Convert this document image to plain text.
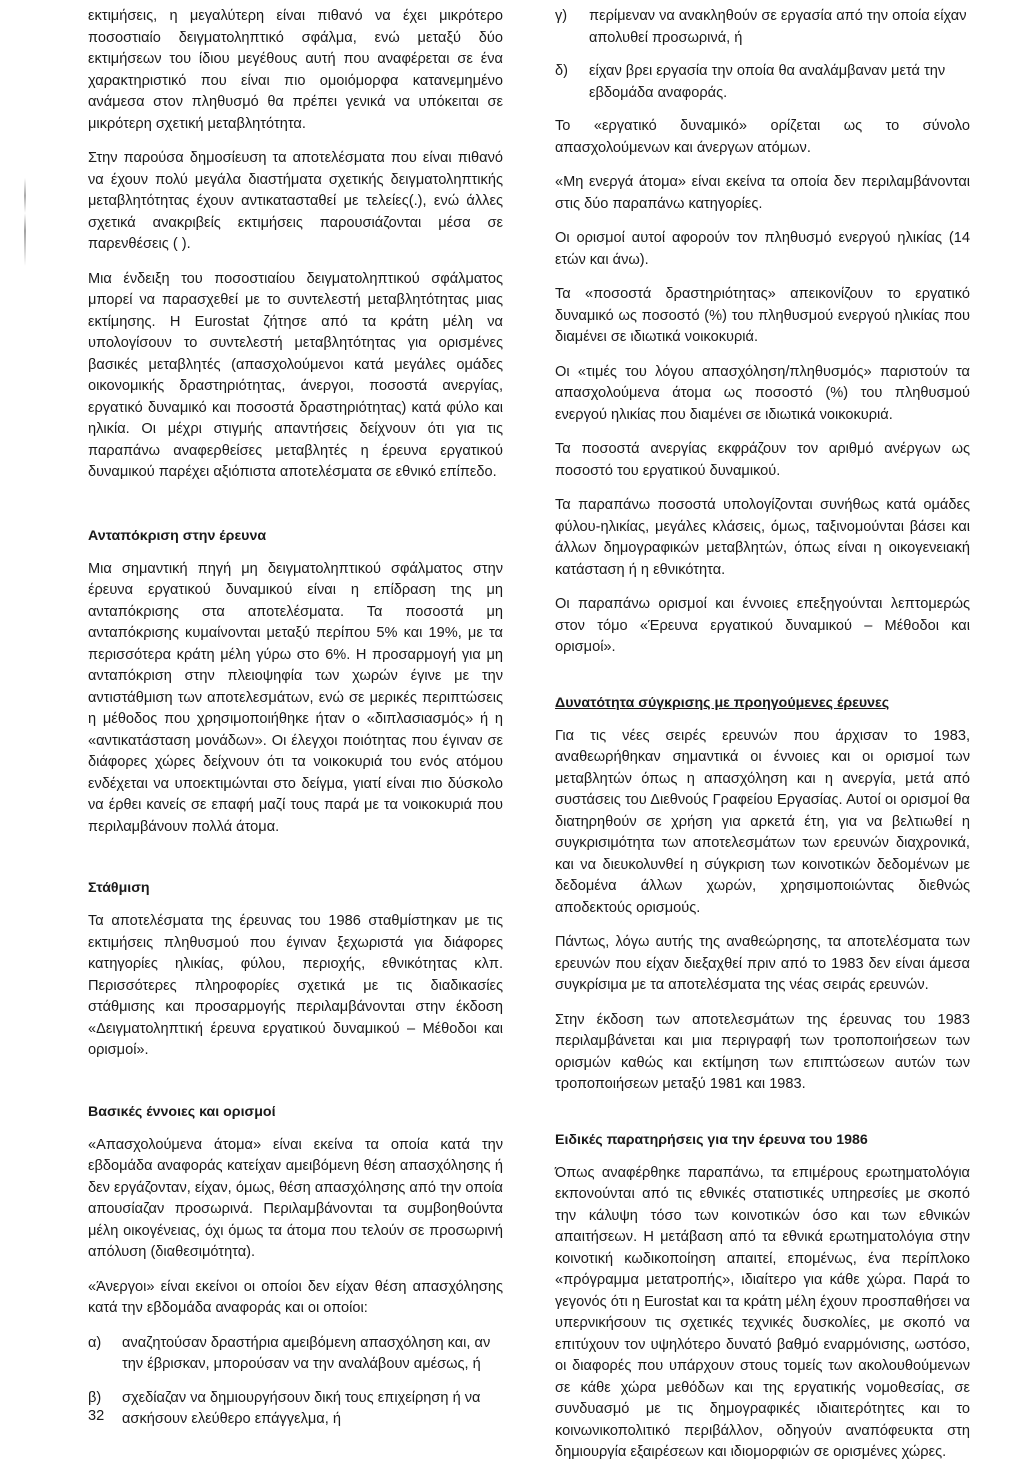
εκτιμήσεις, η μεγαλύτερη είναι πιθανό να έχει μικρότερο ποσοστιαίο δειγματοληπτικό σφάλμα, ενώ μεταξύ δύο εκτιμήσεων του ίδιου μεγέθους αυτή που αναφέρεται σε ένα χαρακτηριστικό που είναι πιο ομοιόμορφα κατανεμημένο ανάμεσα στον πληθυσμό θα πρέπει γενικά να υπόκειται σε μικρότερη σχετική μεταβλητότητα.

Στην παρούσα δημοσίευση τα αποτελέσματα που είναι πιθανό να έχουν πολύ μεγάλα διαστήματα σχετικής δειγματοληπτικής μεταβλητότητας έχουν αντικατασταθεί με τελείες(.), ενώ άλλες σχετικά ανακριβείς εκτιμήσεις παρουσιάζονται μέσα σε παρενθέσεις ( ).

Μια ένδειξη του ποσοστιαίου δειγματοληπτικού σφάλματος μπορεί να παρασχεθεί με το συντελεστή μεταβλητότητας μιας εκτίμησης. Η Eurostat ζήτησε από τα κράτη μέλη να υπολογίσουν το συντελεστή μεταβλητότητας για ορισμένες βασικές μεταβλητές (απασχολούμενοι κατά μεγάλες ομάδες οικονομικής δραστηριότητας, άνεργοι, ποσοστά ανεργίας, εργατικό δυναμικό και ποσοστά δραστηριότητας) κατά φύλο και ηλικία. Οι μέχρι στιγμής απαντήσεις δείχνουν ότι για τις παραπάνω αναφερθείσες μεταβλητές η έρευνα εργατικού δυναμικού παρέχει αξιόπιστα αποτελέσματα σε εθνικό επίπεδο.

Ανταπόκριση στην έρευνα

Μια σημαντική πηγή μη δειγματοληπτικού σφάλματος στην έρευνα εργατικού δυναμικού είναι η επίδραση της μη ανταπόκρισης στα αποτελέσματα. Τα ποσοστά μη ανταπόκρισης κυμαίνονται μεταξύ περίπου 5% και 19%, με τα περισσότερα κράτη μέλη γύρω στο 6%. Η προσαρμογή για μη ανταπόκριση στην πλειοψηφία των χωρών έγινε με την αντιστάθμιση των αποτελεσμάτων, ενώ σε μερικές περιπτώσεις η μέθοδος που χρησιμοποιήθηκε ήταν ο «διπλασιασμός» ή η «αντικατάσταση μονάδων». Οι έλεγχοι ποιότητας που έγιναν σε διάφορες χώρες δείχνουν ότι τα νοικοκυριά του ενός ατόμου ενδέχεται να υποεκτιμώνται στο δείγμα, γιατί είναι πιο δύσκολο να έρθει κανείς σε επαφή μαζί τους παρά με τα νοικοκυριά που περιλαμβάνουν πολλά άτομα.

Στάθμιση

Τα αποτελέσματα της έρευνας του 1986 σταθμίστηκαν με τις εκτιμήσεις πληθυσμού που έγιναν ξεχωριστά για διάφορες κατηγορίες ηλικίας, φύλου, περιοχής, εθνικότητας κλπ. Περισσότερες πληροφορίες σχετικά με τις διαδικασίες στάθμισης και προσαρμογής περιλαμβάνονται στην έκδοση «Δειγματοληπτική έρευνα εργατικού δυναμικού – Μέθοδοι και ορισμοί».

Βασικές έννοιες και ορισμοί

«Απασχολούμενα άτομα» είναι εκείνα τα οποία κατά την εβδομάδα αναφοράς κατείχαν αμειβόμενη θέση απασχόλησης ή δεν εργάζονταν, είχαν, όμως, θέση απασχόλησης από την οποία απουσίαζαν προσωρινά. Περιλαμβάνονται τα συμβοηθούντα μέλη οικογένειας, όχι όμως τα άτομα που τελούν σε προσωρινή απόλυση (διαθεσιμότητα).

«Άνεργοι» είναι εκείνοι οι οποίοι δεν είχαν θέση απασχόλησης κατά την εβδομάδα αναφοράς και οι οποίοι:

α)	αναζητούσαν δραστήρια αμειβόμενη απασχόληση και, αν την έβρισκαν, μπορούσαν να την αναλάβουν αμέσως, ή
β)	σχεδίαζαν να δημιουργήσουν δική τους επιχείρηση ή να ασκήσουν ελεύθερο επάγγελμα, ή
γ)	περίμεναν να ανακληθούν σε εργασία από την οποία είχαν απολυθεί προσωρινά, ή
δ)	είχαν βρει εργασία την οποία θα αναλάμβαναν μετά την εβδομάδα αναφοράς.

Το «εργατικό δυναμικό» ορίζεται ως το σύνολο απασχολούμενων και άνεργων ατόμων.

«Μη ενεργά άτομα» είναι εκείνα τα οποία δεν περιλαμβάνονται στις δύο παραπάνω κατηγορίες.

Οι ορισμοί αυτοί αφορούν τον πληθυσμό ενεργού ηλικίας (14 ετών και άνω).

Τα «ποσοστά δραστηριότητας» απεικονίζουν το εργατικό δυναμικό ως ποσοστό (%) του πληθυσμού ενεργού ηλικίας που διαμένει σε ιδιωτικά νοικοκυριά.

Οι «τιμές του λόγου απασχόληση/πληθυσμός» παριστούν τα απασχολούμενα άτομα ως ποσοστό (%) του πληθυσμού ενεργού ηλικίας που διαμένει σε ιδιωτικά νοικοκυριά.

Τα ποσοστά ανεργίας εκφράζουν τον αριθμό ανέργων ως ποσοστό του εργατικού δυναμικού.

Τα παραπάνω ποσοστά υπολογίζονται συνήθως κατά ομάδες φύλου-ηλικίας, μεγάλες κλάσεις, όμως, ταξινομούνται βάσει και άλλων δημογραφικών μεταβλητών, όπως είναι η οικογενειακή κατάσταση ή η εθνικότητα.

Οι παραπάνω ορισμοί και έννοιες επεξηγούνται λεπτομερώς στον τόμο «Έρευνα εργατικού δυναμικού – Μέθοδοι και ορισμοί».

Δυνατότητα σύγκρισης με προηγούμενες έρευνες

Για τις νέες σειρές ερευνών που άρχισαν το 1983, αναθεωρήθηκαν σημαντικά οι έννοιες και οι ορισμοί των μεταβλητών όπως η απασχόληση και η ανεργία, μετά από συστάσεις του Διεθνούς Γραφείου Εργασίας. Αυτοί οι ορισμοί θα διατηρηθούν σε χρήση για αρκετά έτη, για να βελτιωθεί η συγκρισιμότητα των αποτελεσμάτων των ερευνών διαχρονικά, και να διευκολυνθεί η σύγκριση των κοινοτικών δεδομένων με δεδομένα άλλων χωρών, χρησιμοποιώντας διεθνώς αποδεκτούς ορισμούς.

Πάντως, λόγω αυτής της αναθεώρησης, τα αποτελέσματα των ερευνών που είχαν διεξαχθεί πριν από το 1983 δεν είναι άμεσα συγκρίσιμα με τα αποτελέσματα της νέας σειράς ερευνών.

Στην έκδοση των αποτελεσμάτων της έρευνας του 1983 περιλαμβάνεται και μια περιγραφή των τροποποιήσεων των ορισμών καθώς και εκτίμηση των επιπτώσεων αυτών των τροποποιήσεων μεταξύ 1981 και 1983.

Ειδικές παρατηρήσεις για την έρευνα του 1986

Όπως αναφέρθηκε παραπάνω, τα επιμέρους ερωτηματολόγια εκπονούνται από τις εθνικές στατιστικές υπηρεσίες με σκοπό την κάλυψη τόσο των κοινοτικών όσο και των εθνικών απαιτήσεων. Η μετάβαση από τα εθνικά ερωτηματολόγια στην κοινοτική κωδικοποίηση απαιτεί, επομένως, ένα περίπλοκο «πρόγραμμα μετατροπής», ιδιαίτερο για κάθε χώρα. Παρά το γεγονός ότι η Eurostat και τα κράτη μέλη έχουν προσπαθήσει να υπερνικήσουν τις σχετικές τεχνικές δυσκολίες, με σκοπό να επιτύχουν τον υψηλότερο δυνατό βαθμό εναρμόνισης, ωστόσο, οι διαφορές που υπάρχουν στους τομείς των ακολουθούμενων σε κάθε χώρα μεθόδων και της εργατικής νομοθεσίας, σε συνδυασμό με τις δημογραφικές ιδιαιτερότητες και το κοινωνικοπολιτικό περιβάλλον, οδηγούν αναπόφευκτα στη δημιουργία εξαιρέσεων και ιδιομορφιών σε ορισμένες χώρες.

32
